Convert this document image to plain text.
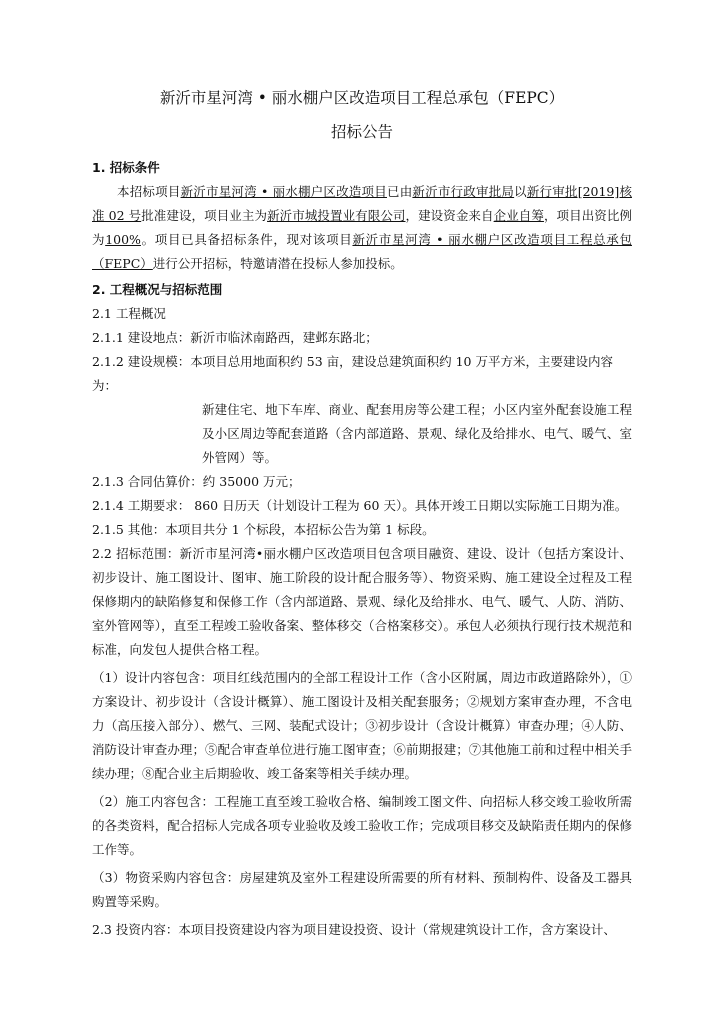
新沂市星河湾 • 丽水棚户区改造项目工程总承包（FEPC）
招标公告

1. 招标条件

本招标项目新沂市星河湾 • 丽水棚户区改造项目已由新沂市行政审批局以新行审批[2019]核准 02 号批准建设，项目业主为新沂市城投置业有限公司，建设资金来自企业自筹，项目出资比例为100%。项目已具备招标条件，现对该项目新沂市星河湾 • 丽水棚户区改造项目工程总承包（FEPC）进行公开招标，特邀请潜在投标人参加投标。

2. 工程概况与招标范围

2.1 工程概况

2.1.1 建设地点：新沂市临沭南路西，建邺东路北；

2.1.2 建设规模：本项目总用地面积约 53 亩，建设总建筑面积约 10 万平方米，主要建设内容为：

新建住宅、地下车库、商业、配套用房等公建工程；小区内室外配套设施工程及小区周边等配套道路（含内部道路、景观、绿化及给排水、电气、暖气、室外管网）等。

2.1.3 合同估算价：约 35000 万元；

2.1.4 工期要求： 860 日历天（计划设计工程为 60 天）。具体开竣工日期以实际施工日期为准。

2.1.5 其他：本项目共分 1 个标段，本招标公告为第 1 标段。

2.2 招标范围：新沂市星河湾•丽水棚户区改造项目包含项目融资、建设、设计（包括方案设计、初步设计、施工图设计、图审、施工阶段的设计配合服务等）、物资采购、施工建设全过程及工程保修期内的缺陷修复和保修工作（含内部道路、景观、绿化及给排水、电气、暖气、人防、消防、室外管网等），直至工程竣工验收备案、整体移交（合格案移交）。承包人必须执行现行技术规范和标准，向发包人提供合格工程。

（1）设计内容包含：项目红线范围内的全部工程设计工作（含小区附属，周边市政道路除外），①方案设计、初步设计（含设计概算）、施工图设计及相关配套服务；②规划方案审查办理，不含电力（高压接入部分）、燃气、三网、装配式设计；③初步设计（含设计概算）审查办理；④人防、消防设计审查办理；⑤配合审查单位进行施工图审查；⑥前期报建；⑦其他施工前和过程中相关手续办理；⑧配合业主后期验收、竣工备案等相关手续办理。

（2）施工内容包含：工程施工直至竣工验收合格、编制竣工图文件、向招标人移交竣工验收所需的各类资料，配合招标人完成各项专业验收及竣工验收工作；完成项目移交及缺陷责任期内的保修工作等。

（3）物资采购内容包含：房屋建筑及室外工程建设所需要的所有材料、预制构件、设备及工器具购置等采购。

2.3 投资内容：本项目投资建设内容为项目建设投资、设计（常规建筑设计工作，含方案设计、
